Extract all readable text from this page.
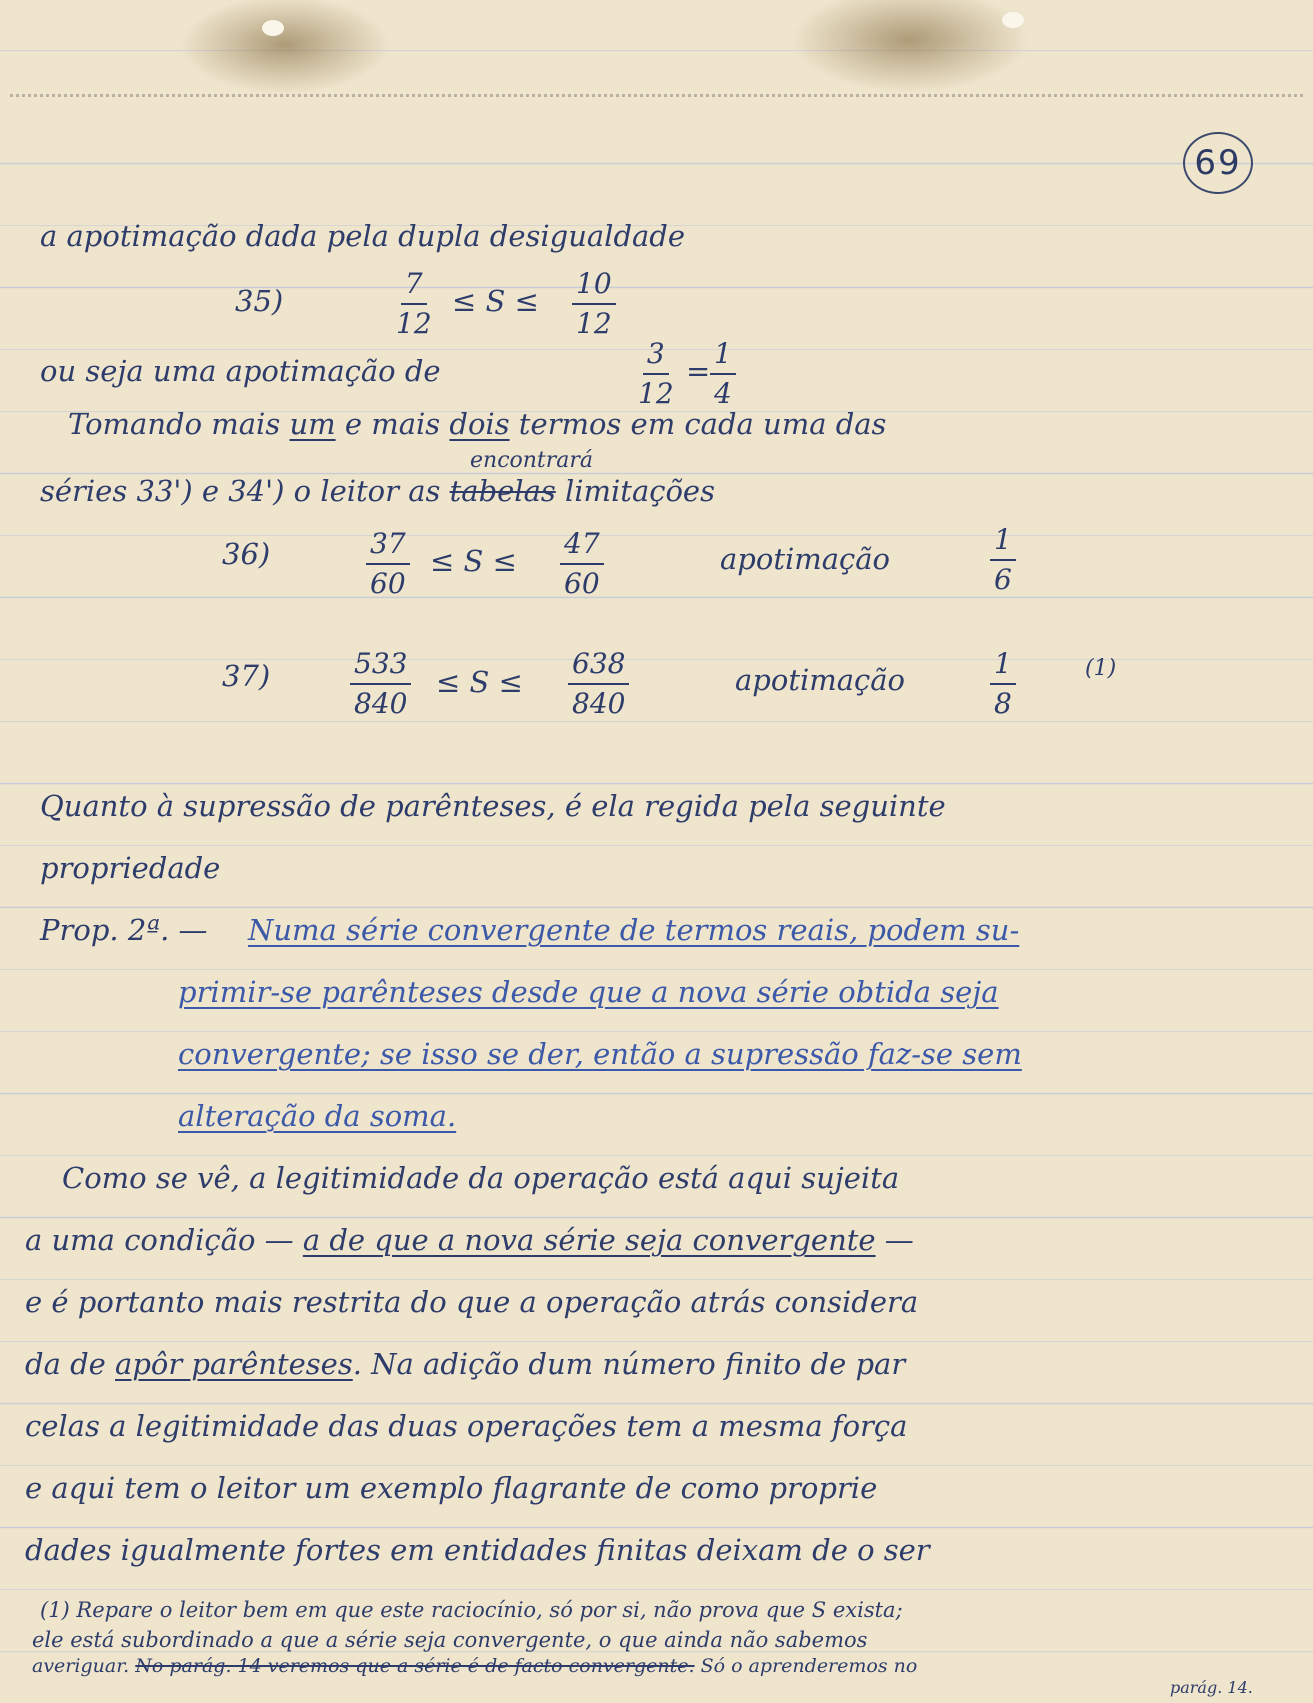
69
a apotimação dada pela dupla desigualdade
35)	$\frac{7}{12} \le S \le \frac{10}{12}$
ou seja uma apotimação de	$\frac{3}{12} = \frac{1}{4}$
Tomando mais um e mais dois termos em cada uma das
encontrará
séries 33') e 34') o leitor as tabelas limitações
36)	$\frac{37}{60} \le S \le \frac{47}{60}$	apotimação	$\frac{1}{6}$
37)	$\frac{533}{840} \le S \le \frac{638}{840}$	apotimação	$\frac{1}{8}$	(1)
Quanto à supressão de parênteses, é ela regida pela seguinte
propriedade
Prop. 2ª. — Numa série convergente de termos reais, podem su-
primir-se parênteses desde que a nova série obtida seja
convergente; se isso se der, então a supressão faz-se sem
alteração da soma.
Como se vê, a legitimidade da operação está aqui sujeita
a uma condição — a de que a nova série seja convergente —
e é portanto mais restrita do que a operação atrás considera
da de apôr parênteses. Na adição dum número finito de par
celas a legitimidade das duas operações tem a mesma força
e aqui tem o leitor um exemplo flagrante de como proprie
dades igualmente fortes em entidades finitas deixam de o ser
(1) Repare o leitor bem em que este raciocínio, só por si, não prova que S exista;
ele está subordinado a que a série seja convergente, o que ainda não sabemos
averiguar. No parág. 14 veremos que a série é de facto convergente. Só o aprenderemos no
parág. 14.
